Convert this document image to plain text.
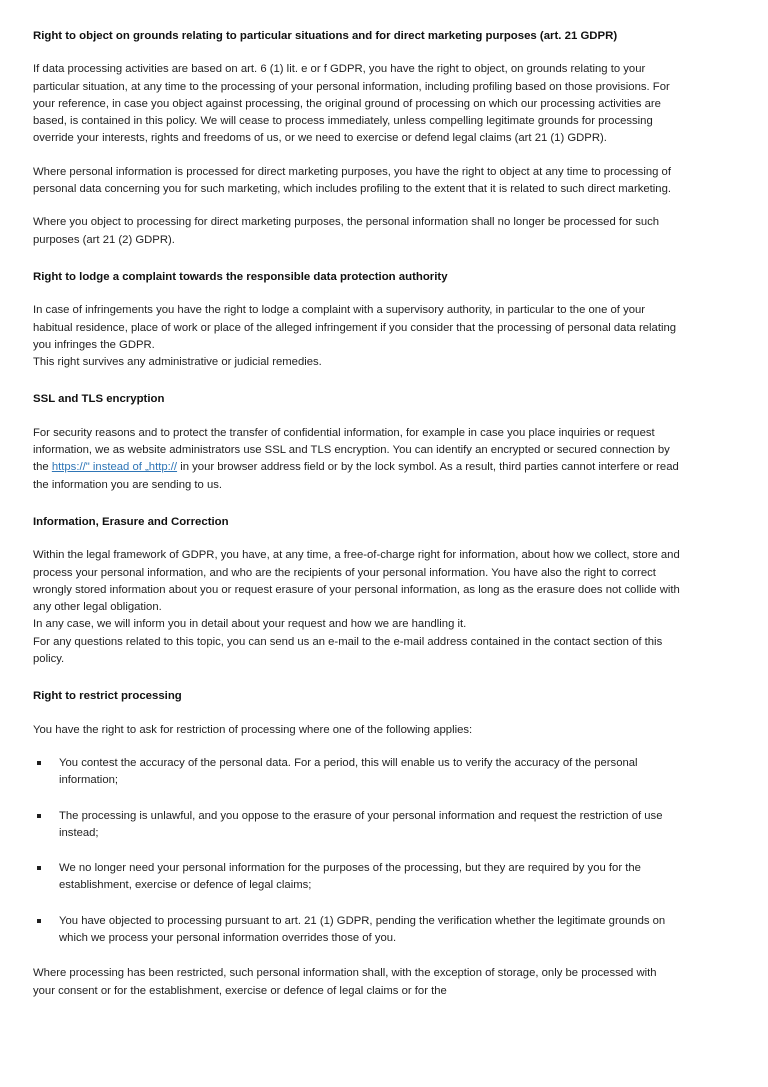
Right to object on grounds relating to particular situations and for direct marketing purposes (art. 21 GDPR)

If data processing activities are based on art. 6 (1) lit. e or f GDPR, you have the right to object, on grounds relating to your particular situation, at any time to the processing of your personal information, including profiling based on those provisions. For your reference, in case you object against processing, the original ground of processing on which our processing activities are based, is contained in this policy. We will cease to process immediately, unless compelling legitimate grounds for processing override your interests, rights and freedoms of us, or we need to exercise or defend legal claims (art 21 (1) GDPR).

Where personal information is processed for direct marketing purposes, you have the right to object at any time to processing of personal data concerning you for such marketing, which includes profiling to the extent that it is related to such direct marketing.

Where you object to processing for direct marketing purposes, the personal information shall no longer be processed for such purposes (art 21 (2) GDPR).

Right to lodge a complaint towards the responsible data protection authority

In case of infringements you have the right to lodge a complaint with a supervisory authority, in particular to the one of your habitual residence, place of work or place of the alleged infringement if you consider that the processing of personal data relating you infringes the GDPR.
This right survives any administrative or judicial remedies.

SSL and TLS encryption

For security reasons and to protect the transfer of confidential information, for example in case you place inquiries or request information, we as website administrators use SSL and TLS encryption. You can identify an encrypted or secured connection by the https://" instead of „http:// in your browser address field or by the lock symbol. As a result, third parties cannot interfere or read the information you are sending to us.

Information, Erasure and Correction

Within the legal framework of GDPR, you have, at any time, a free-of-charge right for information, about how we collect, store and process your personal information, and who are the recipients of your personal information. You have also the right to correct wrongly stored information about you or request erasure of your personal information, as long as the erasure does not collide with any other legal obligation.
In any case, we will inform you in detail about your request and how we are handling it.
For any questions related to this topic, you can send us an e-mail to the e-mail address contained in the contact section of this policy.

Right to restrict processing

You have the right to ask for restriction of processing where one of the following applies:

You contest the accuracy of the personal data. For a period, this will enable us to verify the accuracy of the personal information;
The processing is unlawful, and you oppose to the erasure of your personal information and request the restriction of use instead;
We no longer need your personal information for the purposes of the processing, but they are required by you for the establishment, exercise or defence of legal claims;
You have objected to processing pursuant to art. 21 (1) GDPR, pending the verification whether the legitimate grounds on which we process your personal information overrides those of you.

Where processing has been restricted, such personal information shall, with the exception of storage, only be processed with your consent or for the establishment, exercise or defence of legal claims or for the
